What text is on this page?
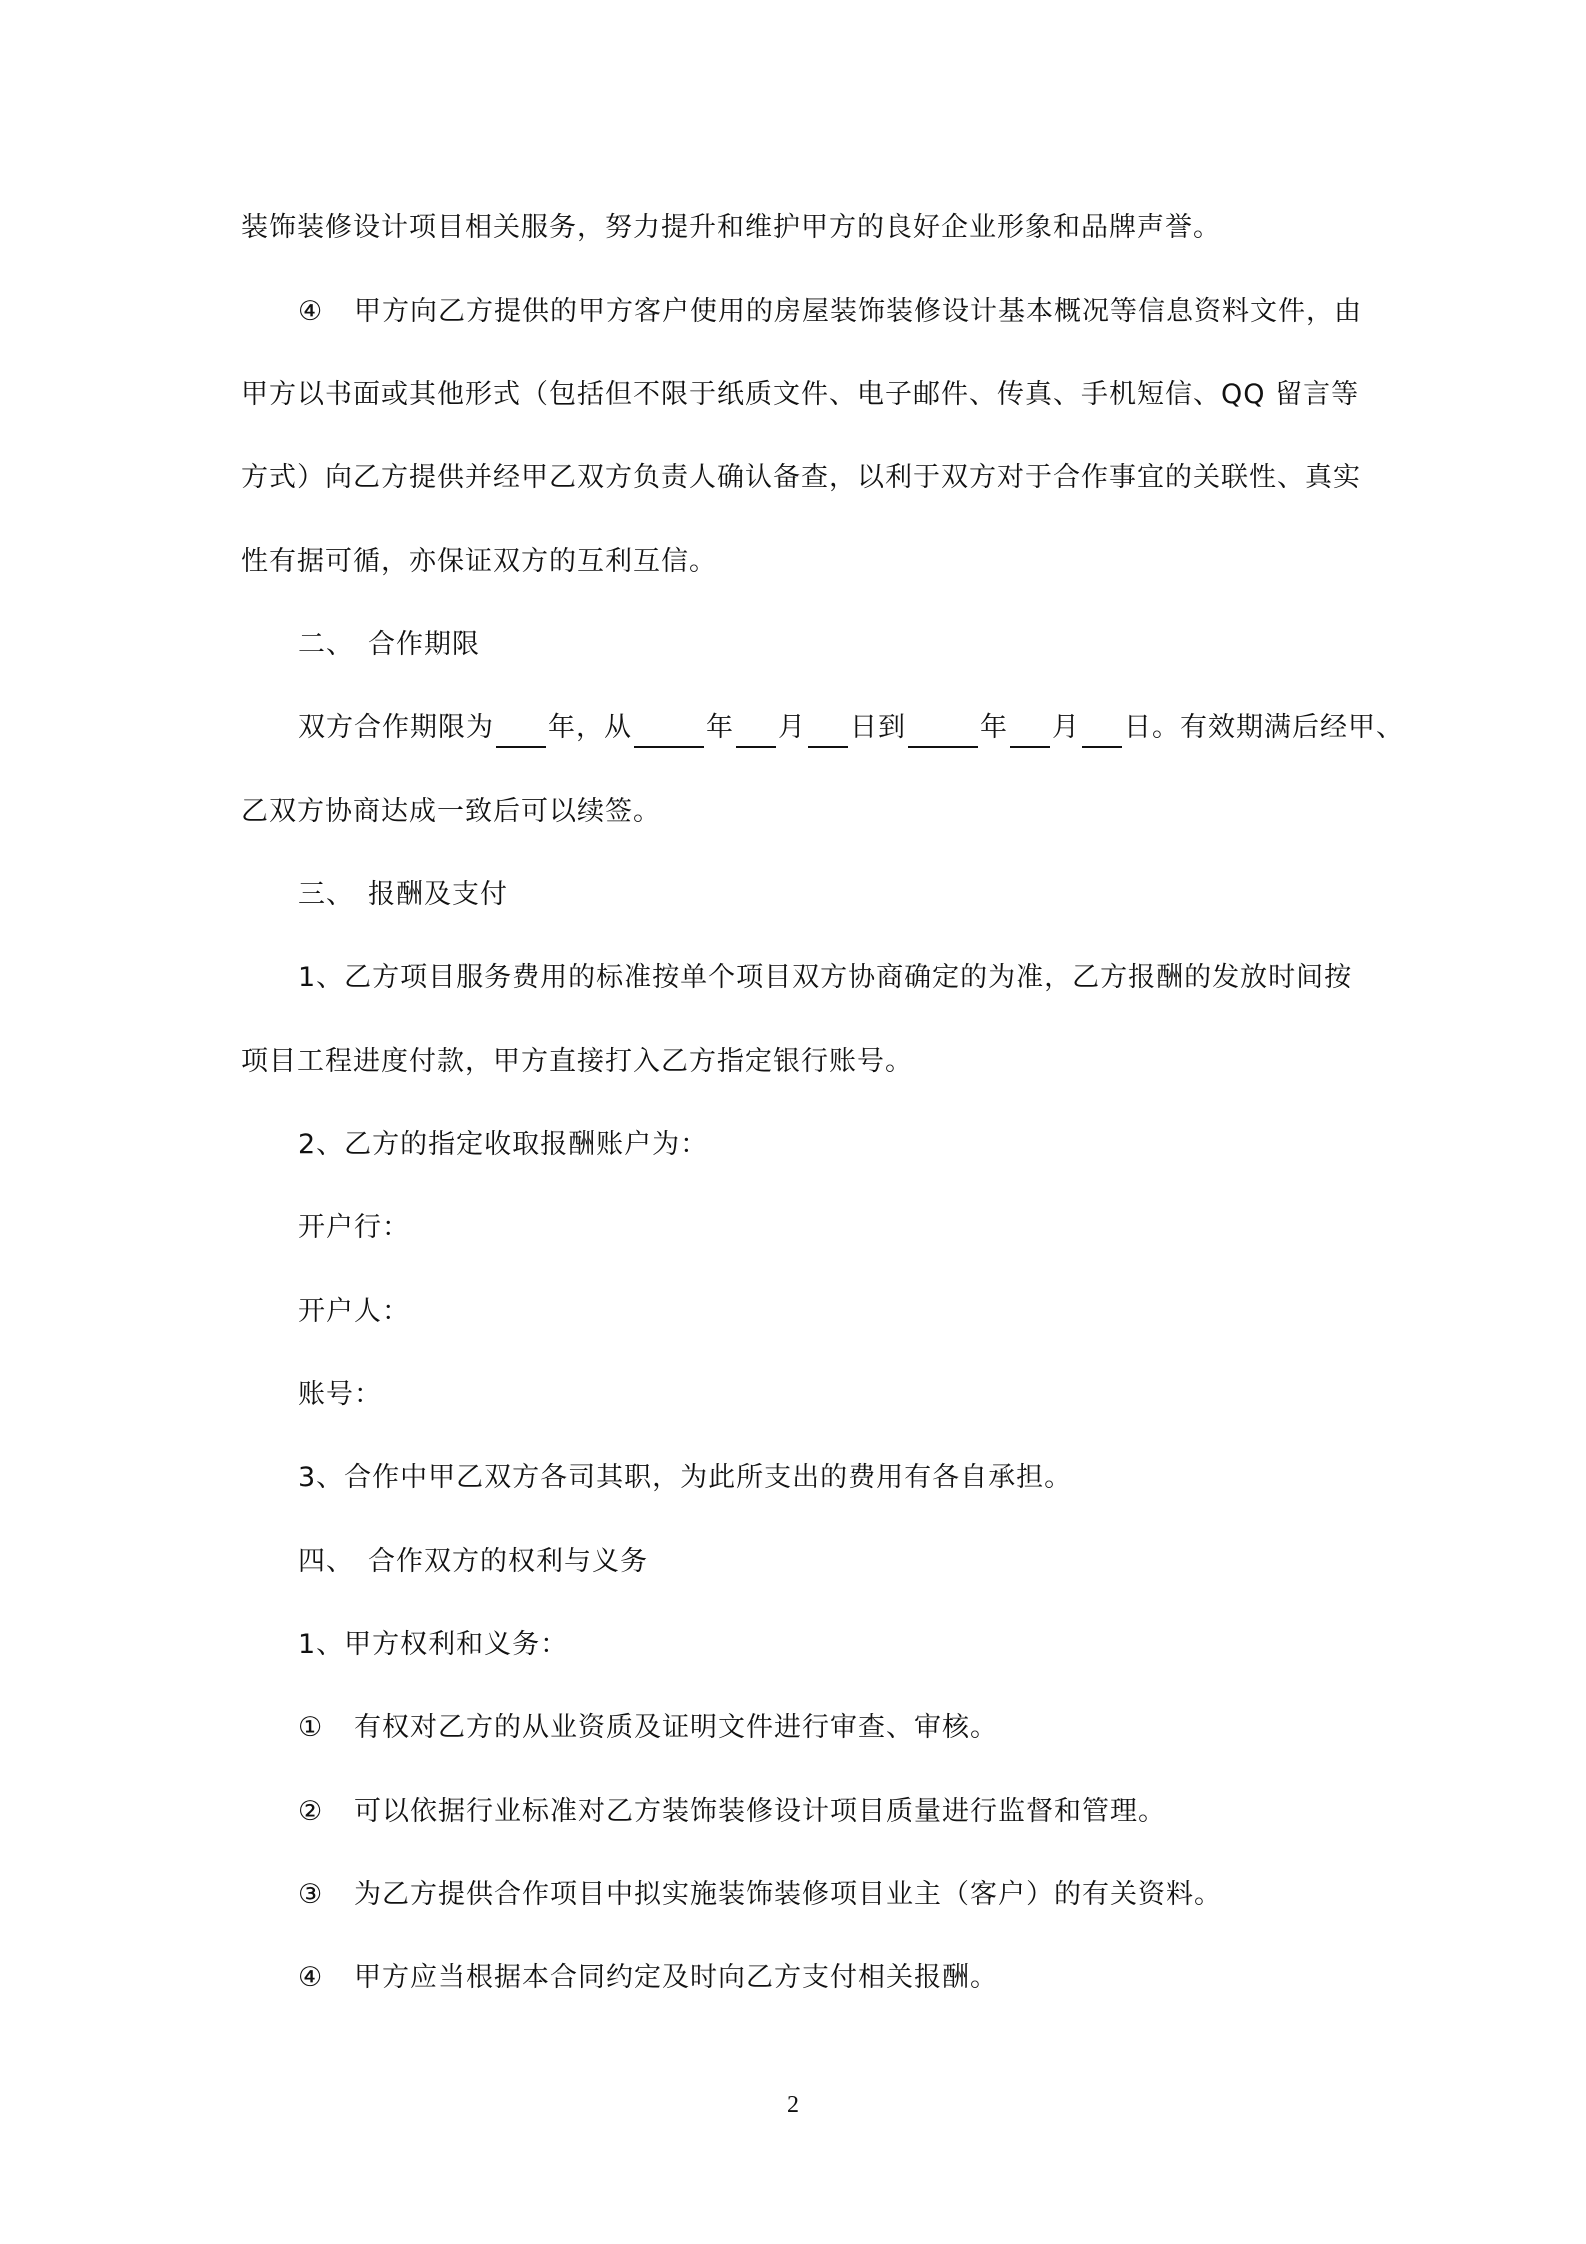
装饰装修设计项目相关服务，努力提升和维护甲方的良好企业形象和品牌声誉。
④ 甲方向乙方提供的甲方客户使用的房屋装饰装修设计基本概况等信息资料文件，由
甲方以书面或其他形式（包括但不限于纸质文件、电子邮件、传真、手机短信、QQ 留言等
方式）向乙方提供并经甲乙双方负责人确认备查，以利于双方对于合作事宜的关联性、真实
性有据可循，亦保证双方的互利互信。
二、 合作期限
双方合作期限为 年，从	年 月 日到	年 月 日。有效期满后经甲、
乙双方协商达成一致后可以续签。
三、 报酬及支付
1、乙方项目服务费用的标准按单个项目双方协商确定的为准，乙方报酬的发放时间按
项目工程进度付款，甲方直接打入乙方指定银行账号。
2、乙方的指定收取报酬账户为：
开户行：
开户人：
账号：
3、合作中甲乙双方各司其职，为此所支出的费用有各自承担。
四、 合作双方的权利与义务
1、甲方权利和义务：
① 有权对乙方的从业资质及证明文件进行审查、审核。
② 可以依据行业标准对乙方装饰装修设计项目质量进行监督和管理。
③ 为乙方提供合作项目中拟实施装饰装修项目业主（客户）的有关资料。
④ 甲方应当根据本合同约定及时向乙方支付相关报酬。
2
